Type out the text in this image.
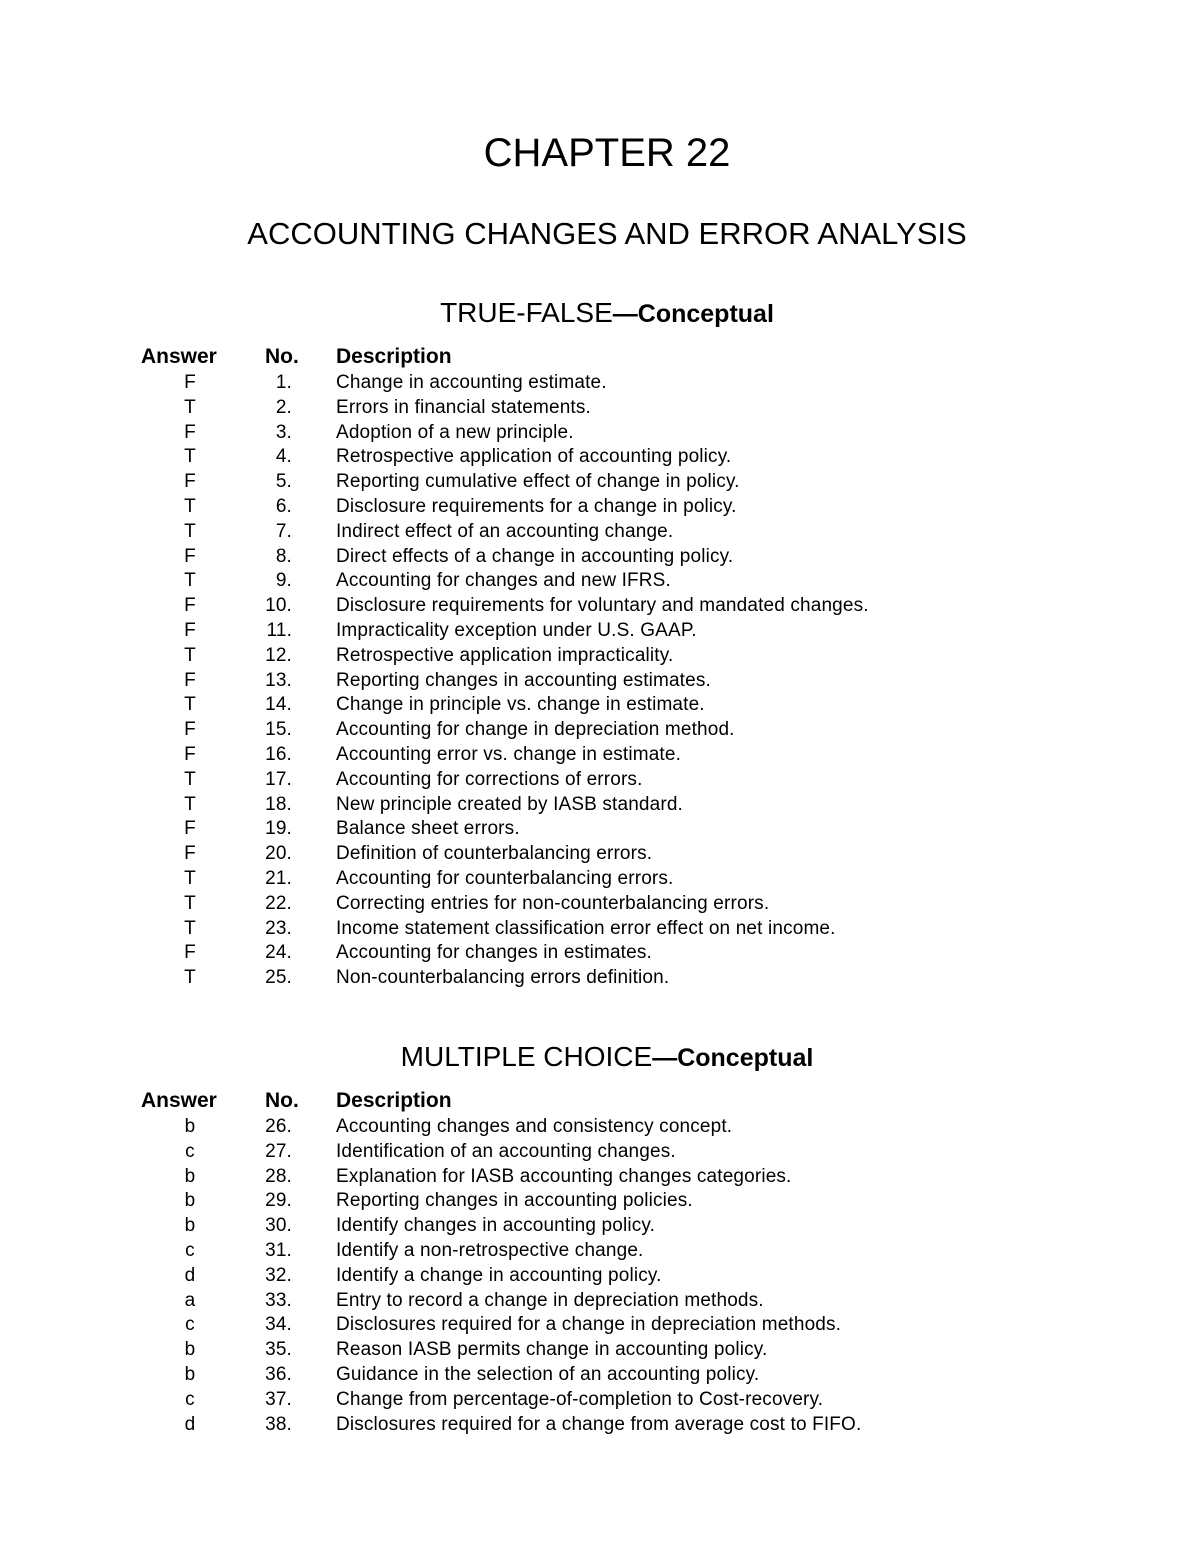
CHAPTER 22
ACCOUNTING CHANGES AND ERROR ANALYSIS
TRUE-FALSE—Conceptual
Answer No. Description
F	1. Change in accounting estimate.
T	2. Errors in financial statements.
F	3. Adoption of a new principle.
T	4. Retrospective application of accounting policy.
F	5. Reporting cumulative effect of change in policy.
T	6. Disclosure requirements for a change in policy.
T	7. Indirect effect of an accounting change.
F	8. Direct effects of a change in accounting policy.
T	9. Accounting for changes and new IFRS.
F	10. Disclosure requirements for voluntary and mandated changes.
F	11. Impracticality exception under U.S. GAAP.
T	12. Retrospective application impracticality.
F	13. Reporting changes in accounting estimates.
T	14. Change in principle vs. change in estimate.
F	15. Accounting for change in depreciation method.
F	16. Accounting error vs. change in estimate.
T	17. Accounting for corrections of errors.
T	18. New principle created by IASB standard.
F	19. Balance sheet errors.
F	20. Definition of counterbalancing errors.
T	21. Accounting for counterbalancing errors.
T	22. Correcting entries for non-counterbalancing errors.
T	23. Income statement classification error effect on net income.
F	24. Accounting for changes in estimates.
T	25. Non-counterbalancing errors definition.
MULTIPLE CHOICE—Conceptual
Answer No. Description
b	26. Accounting changes and consistency concept.
c	27. Identification of an accounting changes.
b	28. Explanation for IASB accounting changes categories.
b	29. Reporting changes in accounting policies.
b	30. Identify changes in accounting policy.
c	31. Identify a non-retrospective change.
d	32. Identify a change in accounting policy.
a	33. Entry to record a change in depreciation methods.
c	34. Disclosures required for a change in depreciation methods.
b	35. Reason IASB permits change in accounting policy.
b	36. Guidance in the selection of an accounting policy.
c	37. Change from percentage-of-completion to Cost-recovery.
d	38. Disclosures required for a change from average cost to FIFO.
